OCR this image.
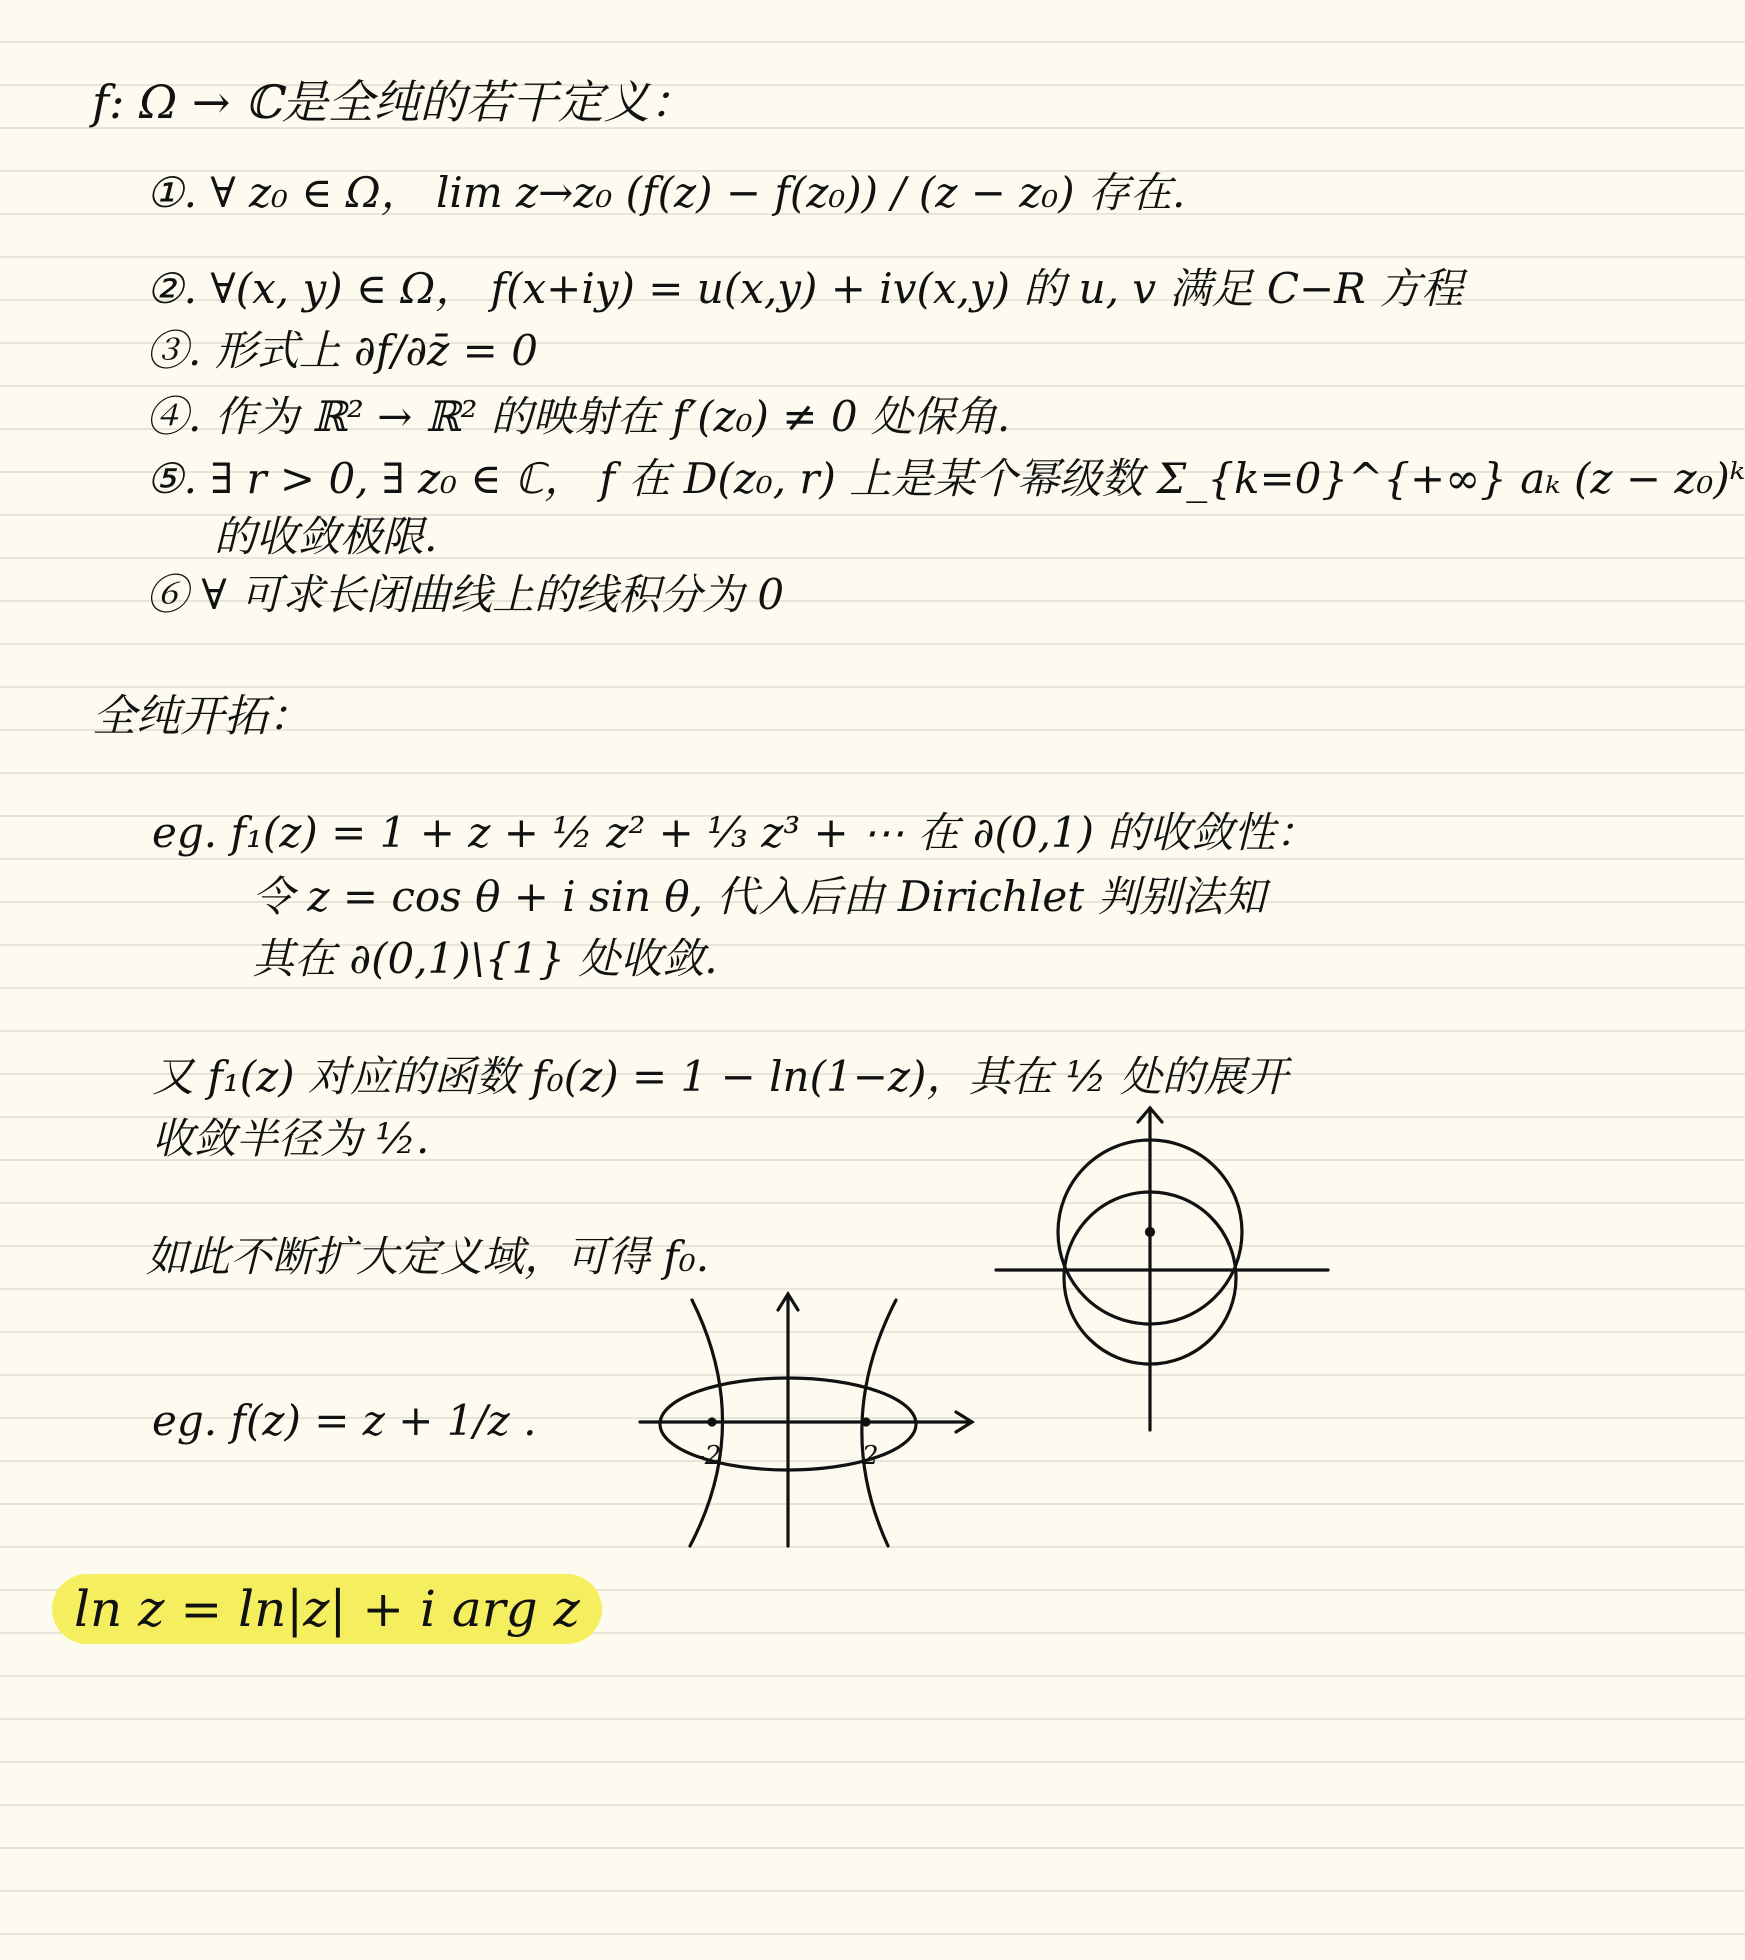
f: Ω → ℂ是全纯的若干定义：
①. ∀ z₀ ∈ Ω， lim z→z₀ (f(z) − f(z₀)) / (z − z₀) 存在.
②. ∀(x, y) ∈ Ω， f(x+iy) = u(x,y) + iv(x,y) 的 u, v 满足 C−R 方程
③. 形式上 ∂f/∂z̄ = 0
④. 作为 ℝ² → ℝ² 的映射在 f′(z₀) ≠ 0 处保角.
⑤. ∃ r > 0, ∃ z₀ ∈ ℂ， f 在 D(z₀, r) 上是某个幂级数 Σ_{k=0}^{+∞} aₖ (z − z₀)ᵏ
的收敛极限.
⑥ ∀ 可求长闭曲线上的线积分为 0
全纯开拓：
eg. f₁(z) = 1 + z + ½ z² + ⅓ z³ + ⋯ 在 ∂(0,1) 的收敛性：
令 z = cos θ + i sin θ, 代入后由 Dirichlet 判别法知
其在 ∂(0,1)\{1} 处收敛.
又 f₁(z) 对应的函数 f₀(z) = 1 − ln(1−z)，其在 ½ 处的展开
收敛半径为 ½.
如此不断扩大定义域，可得 f₀.
eg. f(z) = z + 1/z .
-2	2
ln z = ln|z| + i arg z
